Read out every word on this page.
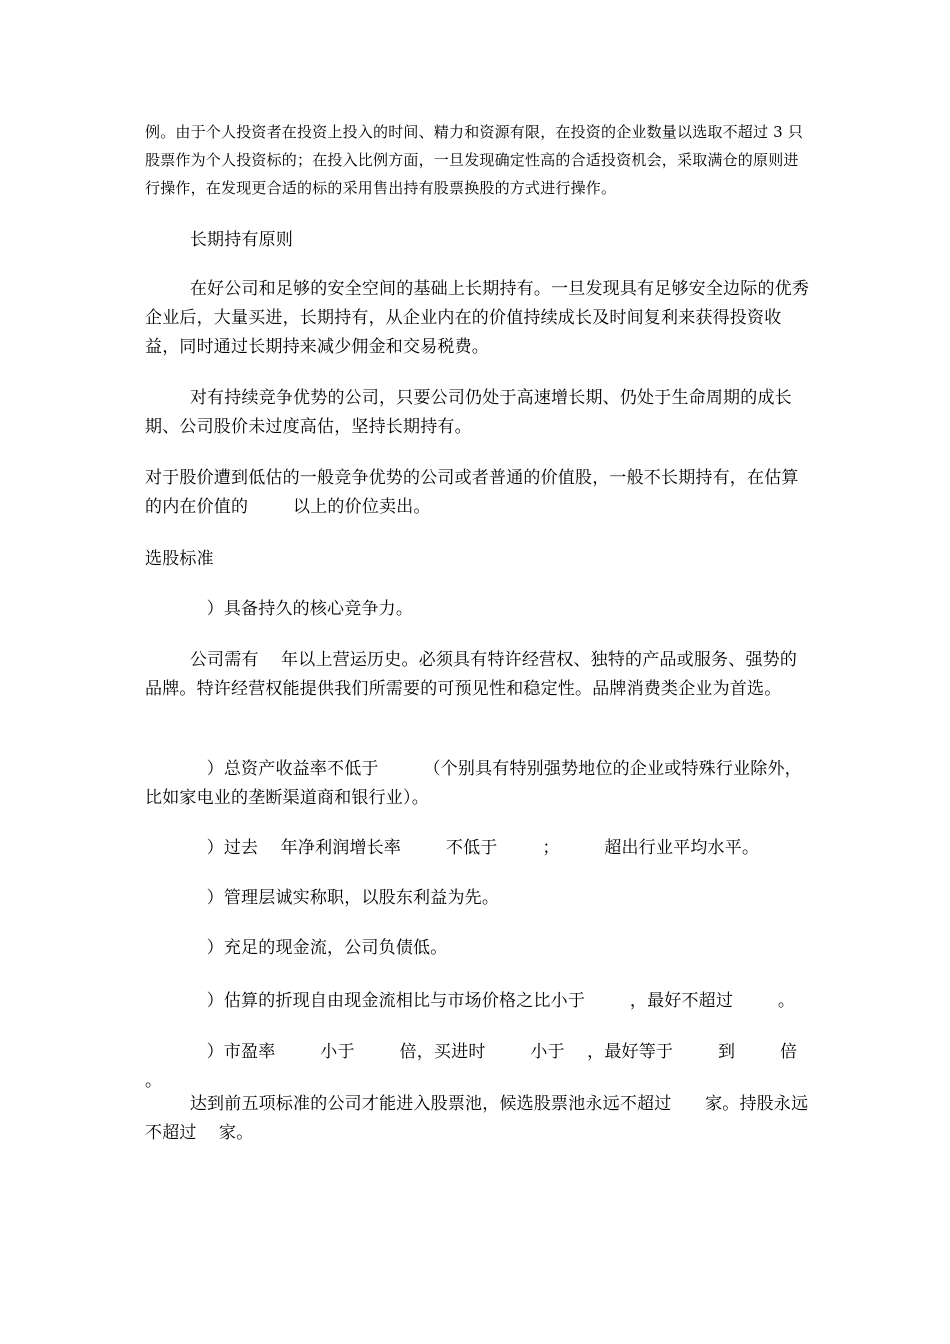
例。由于个人投资者在投资上投入的时间、精力和资源有限，在投资的企业数量以选取不超过 3 只股票作为个人投资标的；在投入比例方面，一旦发现确定性高的合适投资机会，采取满仓的原则进行操作，在发现更合适的标的采用售出持有股票换股的方式进行操作。

长期持有原则

在好公司和足够的安全空间的基础上长期持有。一旦发现具有足够安全边际的优秀企业后，大量买进，长期持有，从企业内在的价值持续成长及时间复利来获得投资收益，同时通过长期持来减少佣金和交易税费。

对有持续竞争优势的公司，只要公司仍处于高速增长期、仍处于生命周期的成长期、公司股价未过度高估，坚持长期持有。

对于股价遭到低估的一般竞争优势的公司或者普通的价值股，一般不长期持有，在估算的内在价值的        以上的价位卖出。

选股标准

）具备持久的核心竞争力。

公司需有    年以上营运历史。必须具有特许经营权、独特的产品或服务、强势的品牌。特许经营权能提供我们所需要的可预见性和稳定性。品牌消费类企业为首选。

）总资产收益率不低于        （个别具有特别强势地位的企业或特殊行业除外，比如家电业的垄断渠道商和银行业）。

）过去    年净利润增长率        不低于        ；        超出行业平均水平。

）管理层诚实称职，以股东利益为先。

）充足的现金流，公司负债低。

）估算的折现自由现金流相比与市场价格之比小于        ，最好不超过        。

）市盈率        小于        倍，买进时        小于    ，最好等于        到        倍        。

达到前五项标准的公司才能进入股票池，候选股票池永远不超过      家。持股永远不超过    家。
